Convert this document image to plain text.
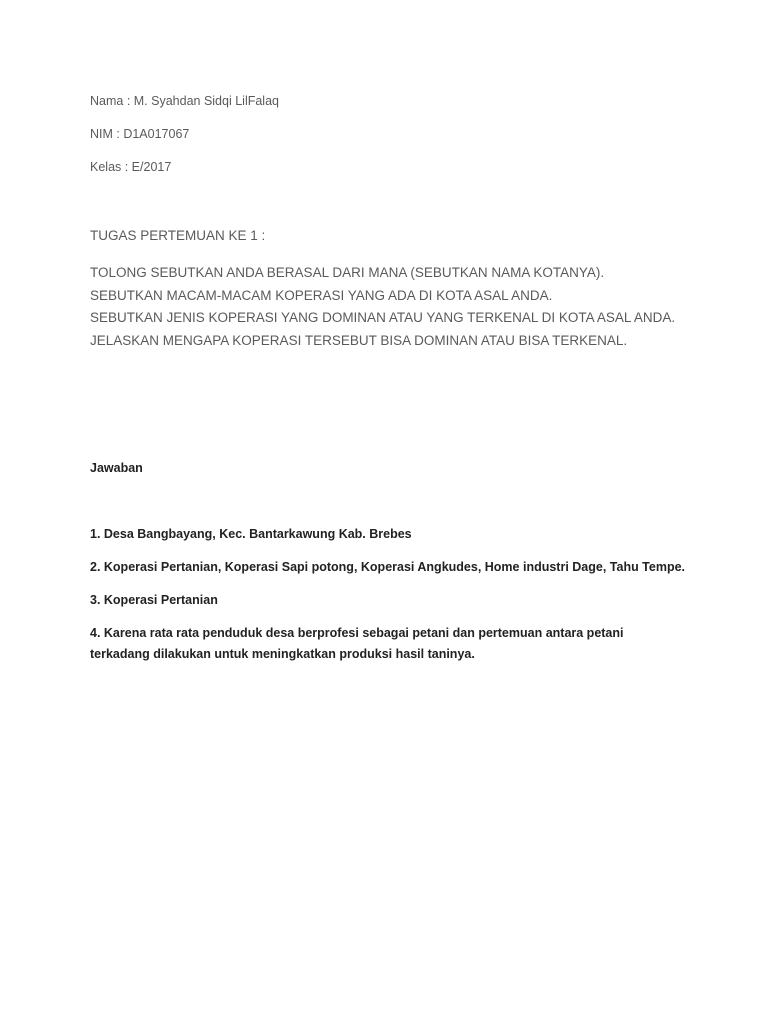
Nama : M. Syahdan Sidqi LilFalaq

NIM : D1A017067

Kelas : E/2017

TUGAS PERTEMUAN KE 1 :

TOLONG SEBUTKAN ANDA BERASAL DARI MANA (SEBUTKAN NAMA KOTANYA).
SEBUTKAN MACAM-MACAM KOPERASI YANG ADA DI KOTA ASAL ANDA.
SEBUTKAN JENIS KOPERASI YANG DOMINAN ATAU YANG TERKENAL DI KOTA ASAL ANDA.
JELASKAN MENGAPA KOPERASI TERSEBUT BISA DOMINAN ATAU BISA TERKENAL.

Jawaban

1. Desa Bangbayang, Kec. Bantarkawung Kab. Brebes

2. Koperasi Pertanian, Koperasi Sapi potong, Koperasi Angkudes, Home industri Dage, Tahu Tempe.

3. Koperasi Pertanian

4. Karena rata rata penduduk desa berprofesi sebagai petani dan pertemuan antara petani terkadang dilakukan untuk meningkatkan produksi hasil taninya.
